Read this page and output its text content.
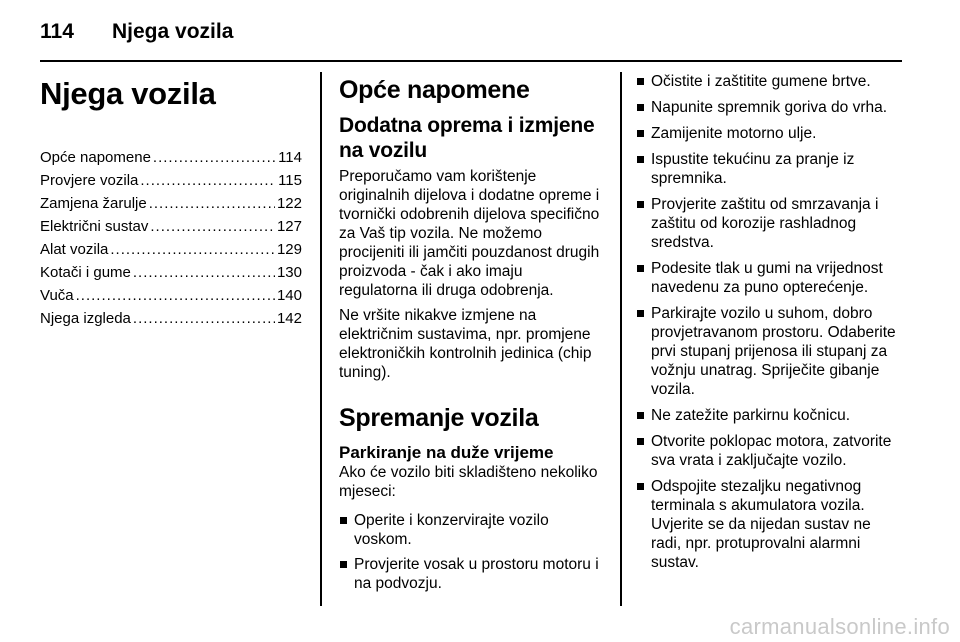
114 Njega vozila
Njega vozila
Opće napomene .....	114
Provjere vozila .....	115
Zamjena žarulje .....	122
Električni sustav .....	127
Alat vozila .....	129
Kotači i gume .....	130
Vuča .....	140
Njega izgleda .....	142
Opće napomene
Dodatna oprema i izmjene na vozilu

Preporučamo vam korištenje originalnih dijelova i dodatne opreme i tvornički odobrenih dijelova specifično za Vaš tip vozila. Ne možemo procijeniti ili jamčiti pouzdanost drugih proizvoda - čak i ako imaju regulatorna ili druga odobrenja.

Ne vršite nikakve izmjene na električnim sustavima, npr. promjene elektroničkih kontrolnih jedinica (chip tuning).

Spremanje vozila
Parkiranje na duže vrijeme

Ako će vozilo biti skladišteno nekoliko mjeseci:

Operite i konzervirajte vozilo voskom.
Provjerite vosak u prostoru motoru i na podvozju.
Očistite i zaštitite gumene brtve.
Napunite spremnik goriva do vrha.
Zamijenite motorno ulje.
Ispustite tekućinu za pranje iz spremnika.
Provjerite zaštitu od smrzavanja i zaštitu od korozije rashladnog sredstva.
Podesite tlak u gumi na vrijednost navedenu za puno opterećenje.
Parkirajte vozilo u suhom, dobro provjetravanom prostoru. Odaberite prvi stupanj prijenosa ili stupanj za vožnju unatrag. Spriječite gibanje vozila.
Ne zatežite parkirnu kočnicu.
Otvorite poklopac motora, zatvorite sva vrata i zaključajte vozilo.
Odspojite stezaljku negativnog terminala s akumulatora vozila. Uvjerite se da nijedan sustav ne radi, npr. protuprovalni alarmni sustav.
carmanualsonline.info
